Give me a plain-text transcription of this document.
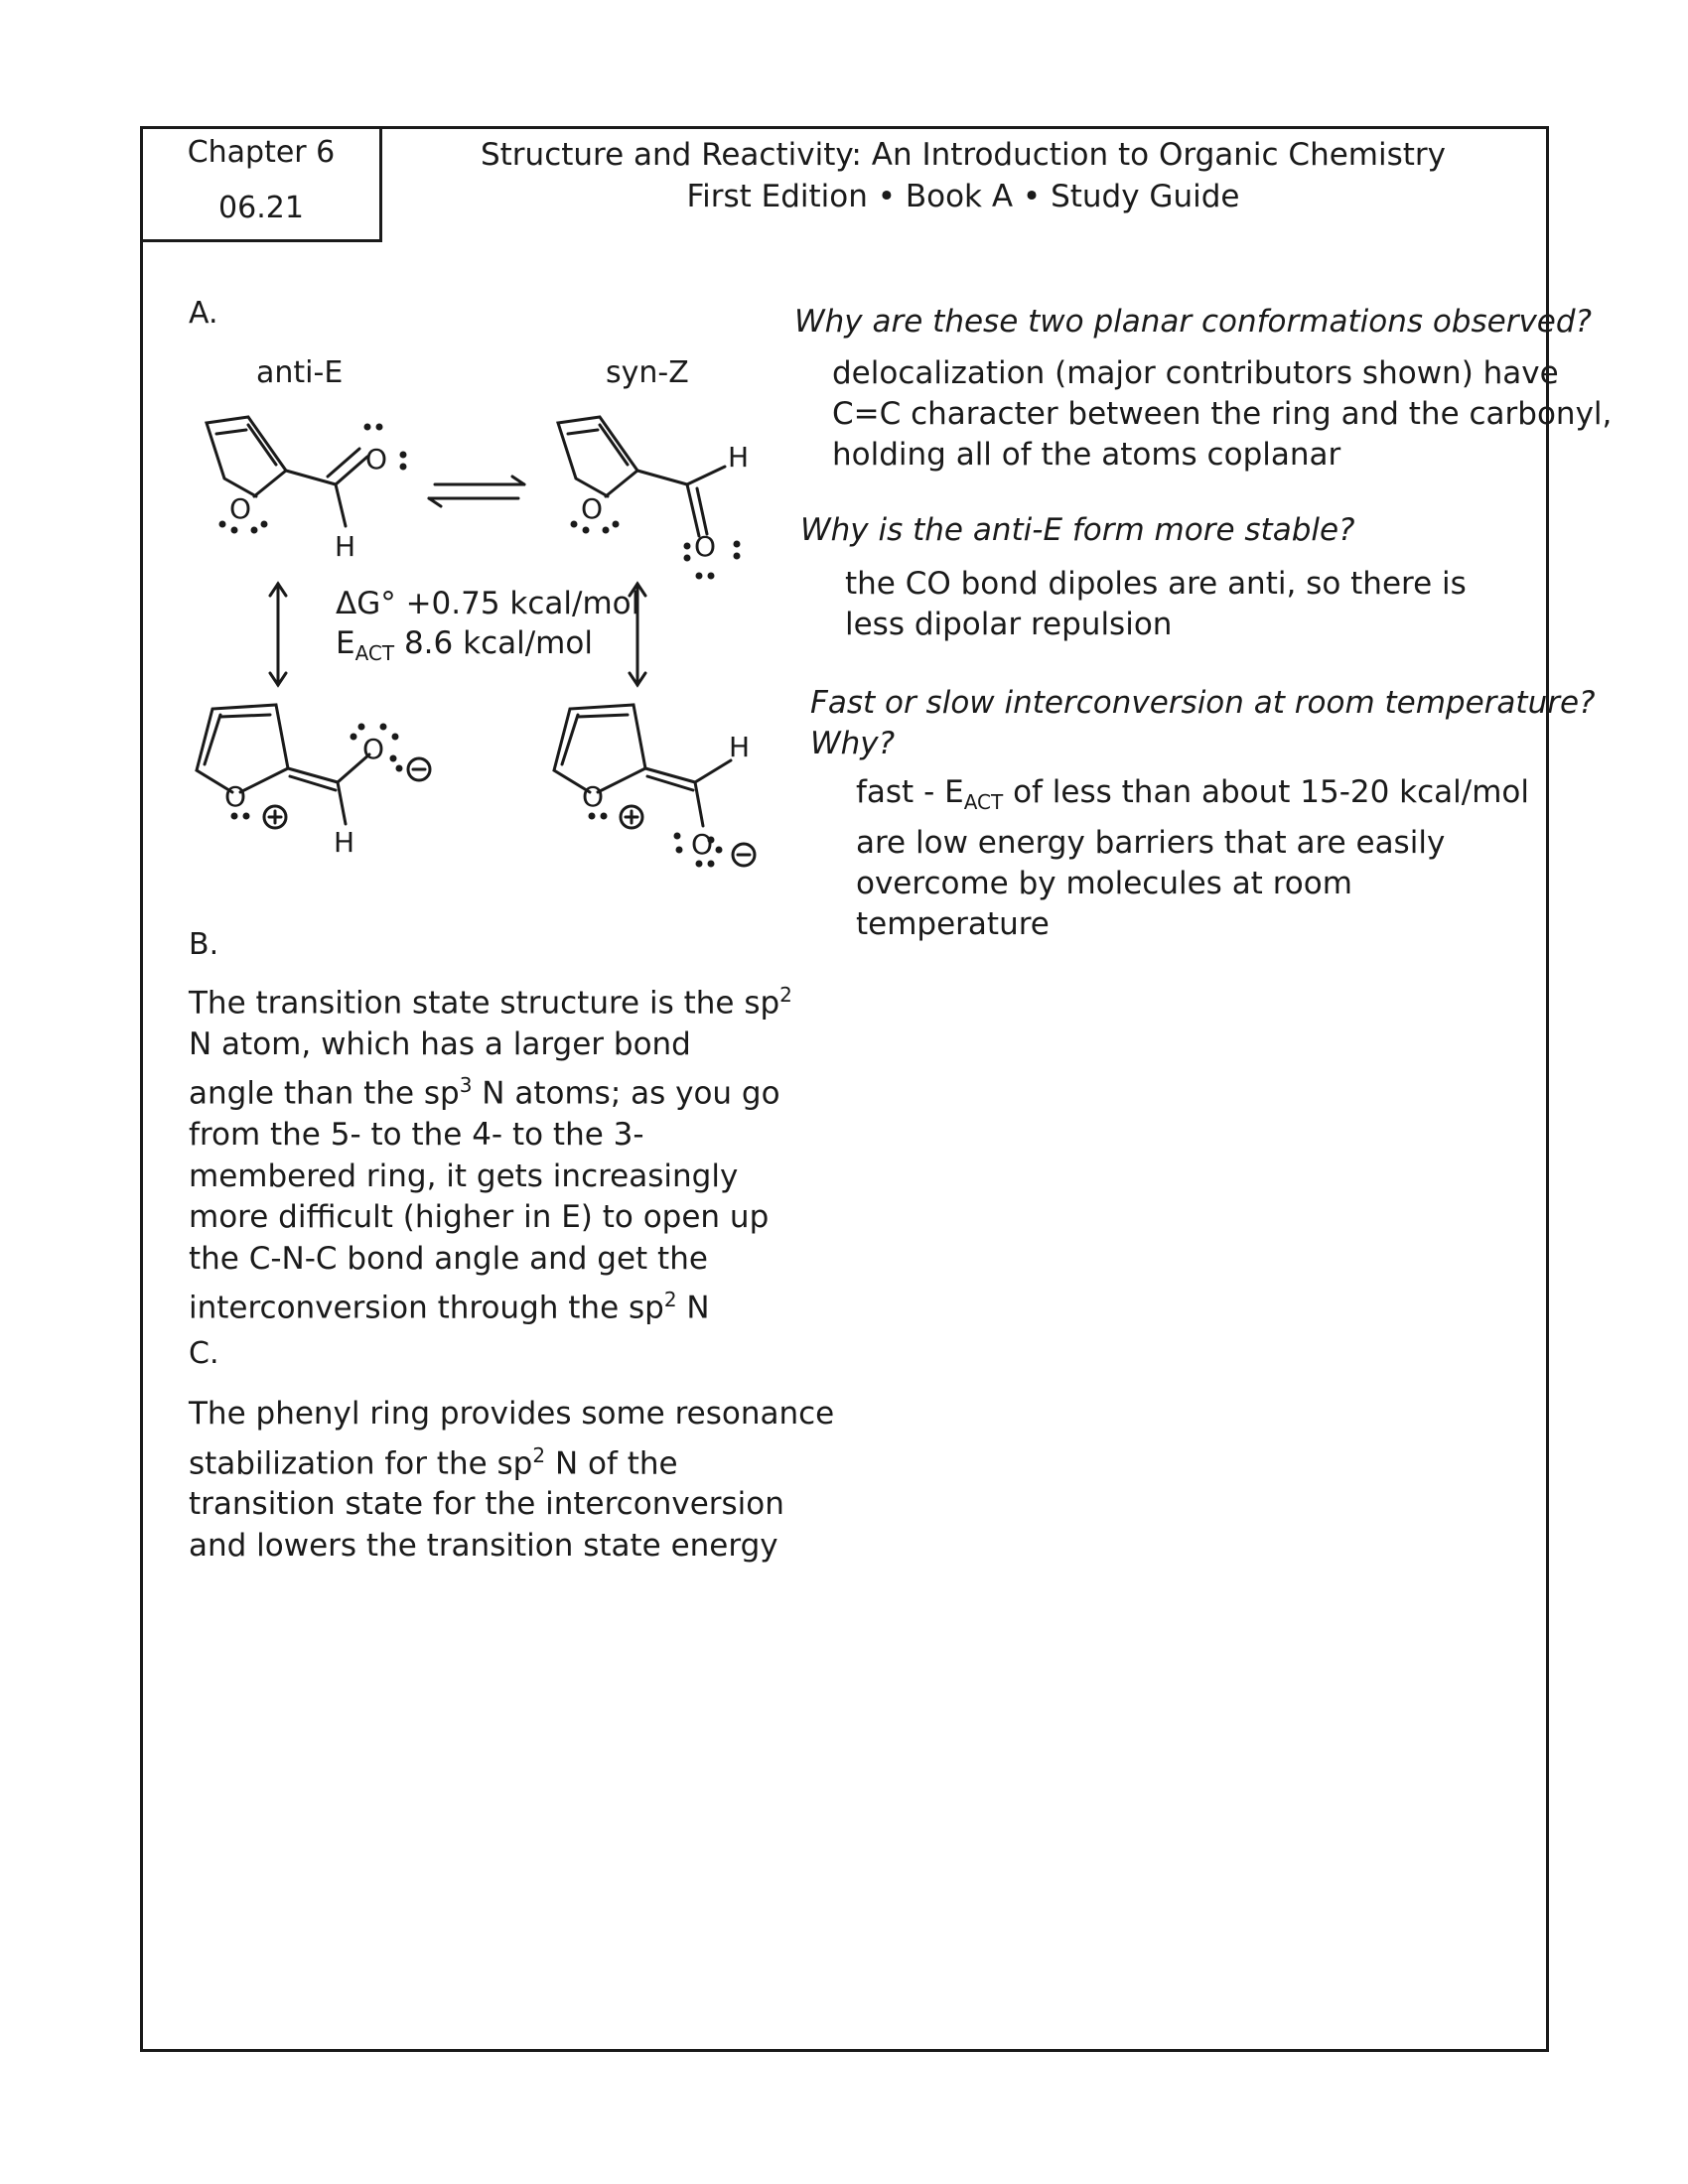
Chapter 6
06.21
Structure and Reactivity: An Introduction to Organic Chemistry
First Edition • Book A • Study Guide
A.
anti-E	syn-Z
O
O
H
O
H
O
O
O
H
O
H
O
ΔG° +0.75 kcal/mol
$E_{ACT}$ 8.6 kcal/mol
Why are these two planar conformations observed?
delocalization (major contributors shown) have
C=C character between the ring and the carbonyl,
holding all of the atoms coplanar
Why is the anti-E form more stable?
the CO bond dipoles are anti, so there is
less dipolar repulsion
Fast or slow interconversion at room temperature?
Why?
fast - $E_{ACT}$ of less than about 15-20 kcal/mol
are low energy barriers that are easily
overcome by molecules at room
temperature
B.
The transition state structure is the $sp^2$
N atom, which has a larger bond
angle than the $sp^3$ N atoms; as you go
from the 5- to the 4- to the 3-
membered ring, it gets increasingly
more difficult (higher in E) to open up
the C-N-C bond angle and get the
interconversion through the $sp^2$ N
C.
The phenyl ring provides some resonance
stabilization for the $sp^2$ N of the
transition state for the interconversion
and lowers the transition state energy
